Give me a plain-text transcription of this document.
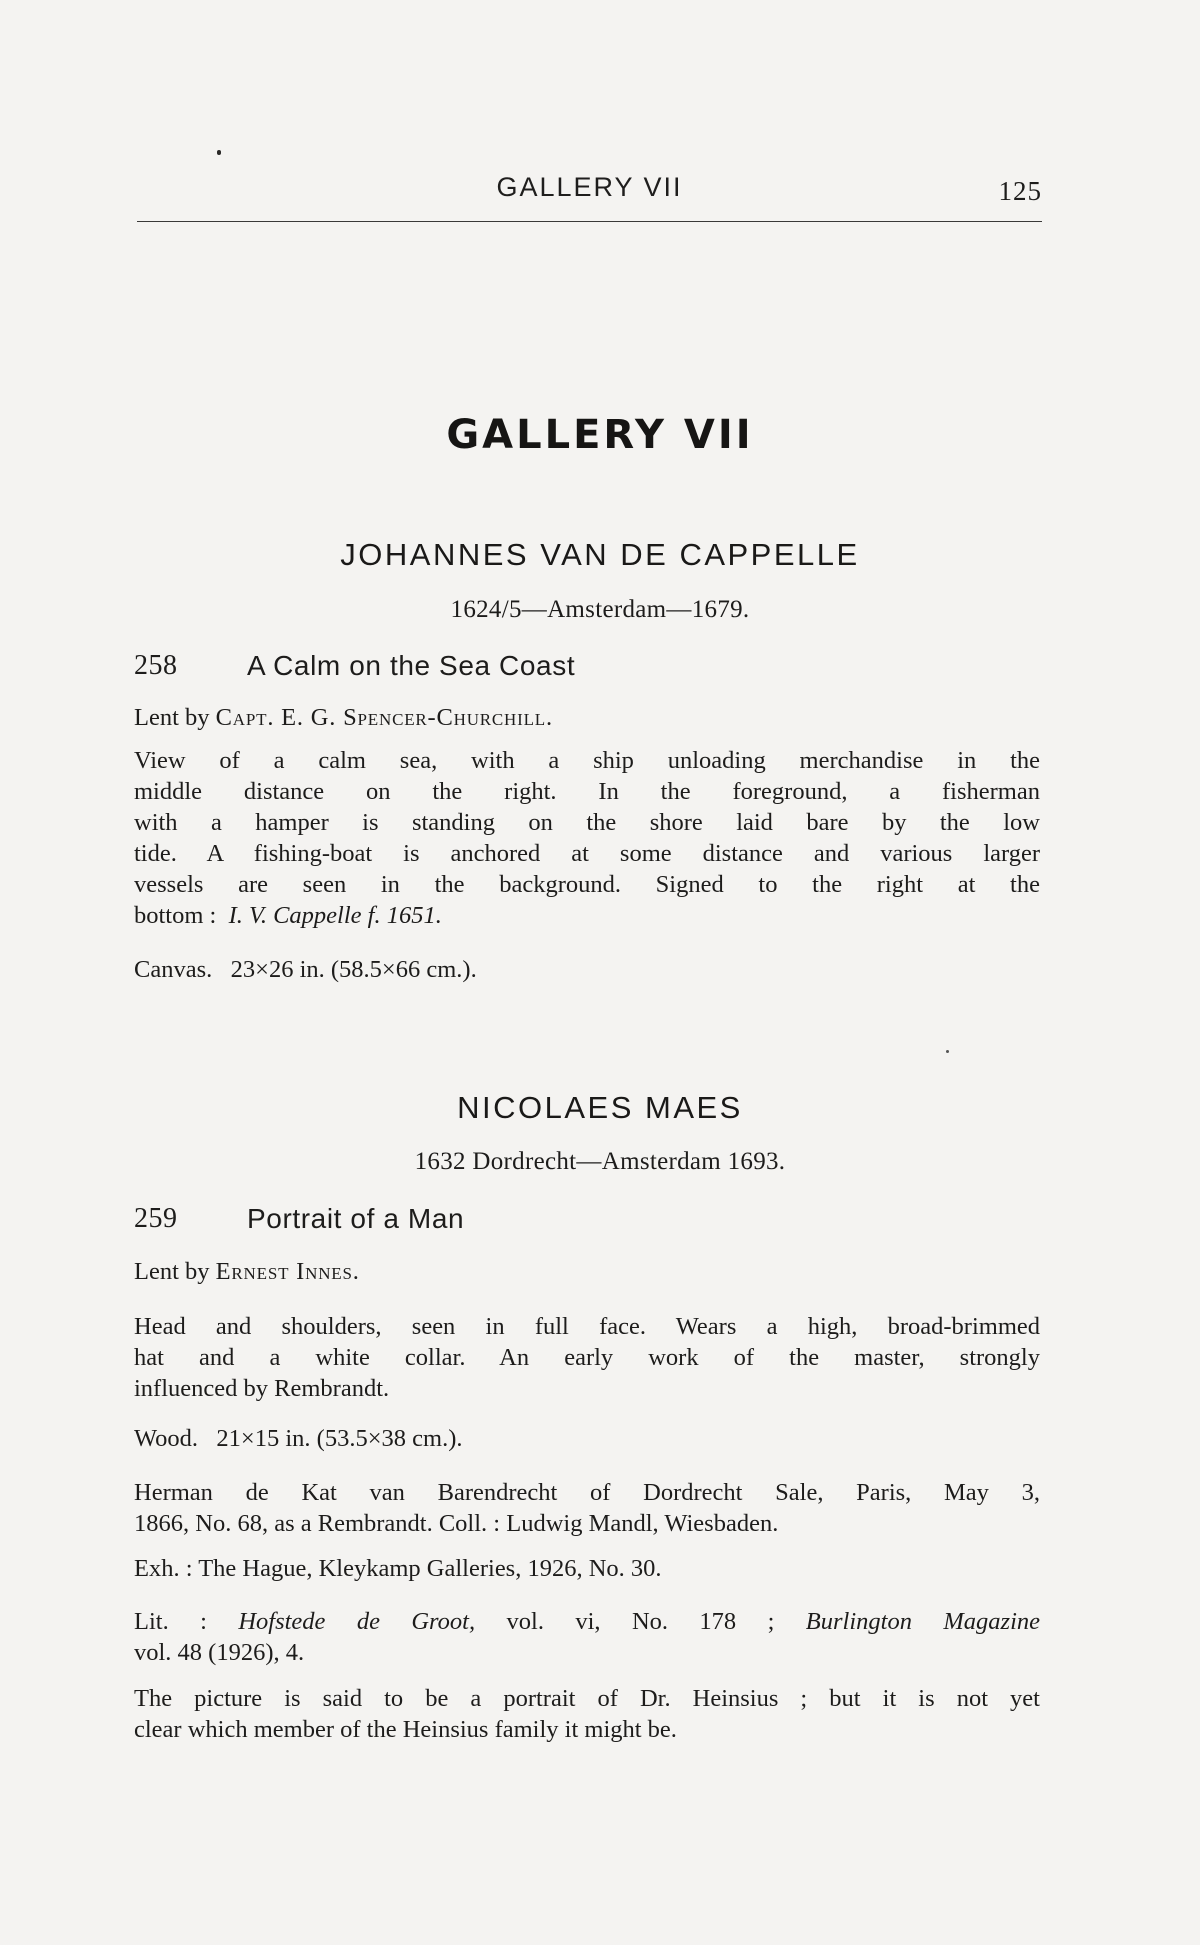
GALLERY VII	125
GALLERY VII
JOHANNES VAN DE CAPPELLE
1624/5—Amsterdam—1679.
258 A Calm on the Sea Coast

Lent by Capt. E. G. Spencer-Churchill.

View of a calm sea, with a ship unloading merchandise in the
middle distance on the right. In the foreground, a fisherman
with a hamper is standing on the shore laid bare by the low
tide. A fishing-boat is anchored at some distance and various larger
vessels are seen in the background. Signed to the right at the
bottom : I. V. Cappelle f. 1651.

Canvas. 23×26 in. (58.5×66 cm.).

NICOLAES MAES
1632 Dordrecht—Amsterdam 1693.
259 Portrait of a Man

Lent by Ernest Innes.

Head and shoulders, seen in full face. Wears a high, broad-brimmed
hat and a white collar. An early work of the master, strongly
influenced by Rembrandt.

Wood. 21×15 in. (53.5×38 cm.).

Herman de Kat van Barendrecht of Dordrecht Sale, Paris, May 3,
1866, No. 68, as a Rembrandt. Coll. : Ludwig Mandl, Wiesbaden.

Exh. : The Hague, Kleykamp Galleries, 1926, No. 30.

Lit. : Hofstede de Groot, vol. vi, No. 178 ; Burlington Magazine
vol. 48 (1926), 4.

The picture is said to be a portrait of Dr. Heinsius ; but it is not yet
clear which member of the Heinsius family it might be.
